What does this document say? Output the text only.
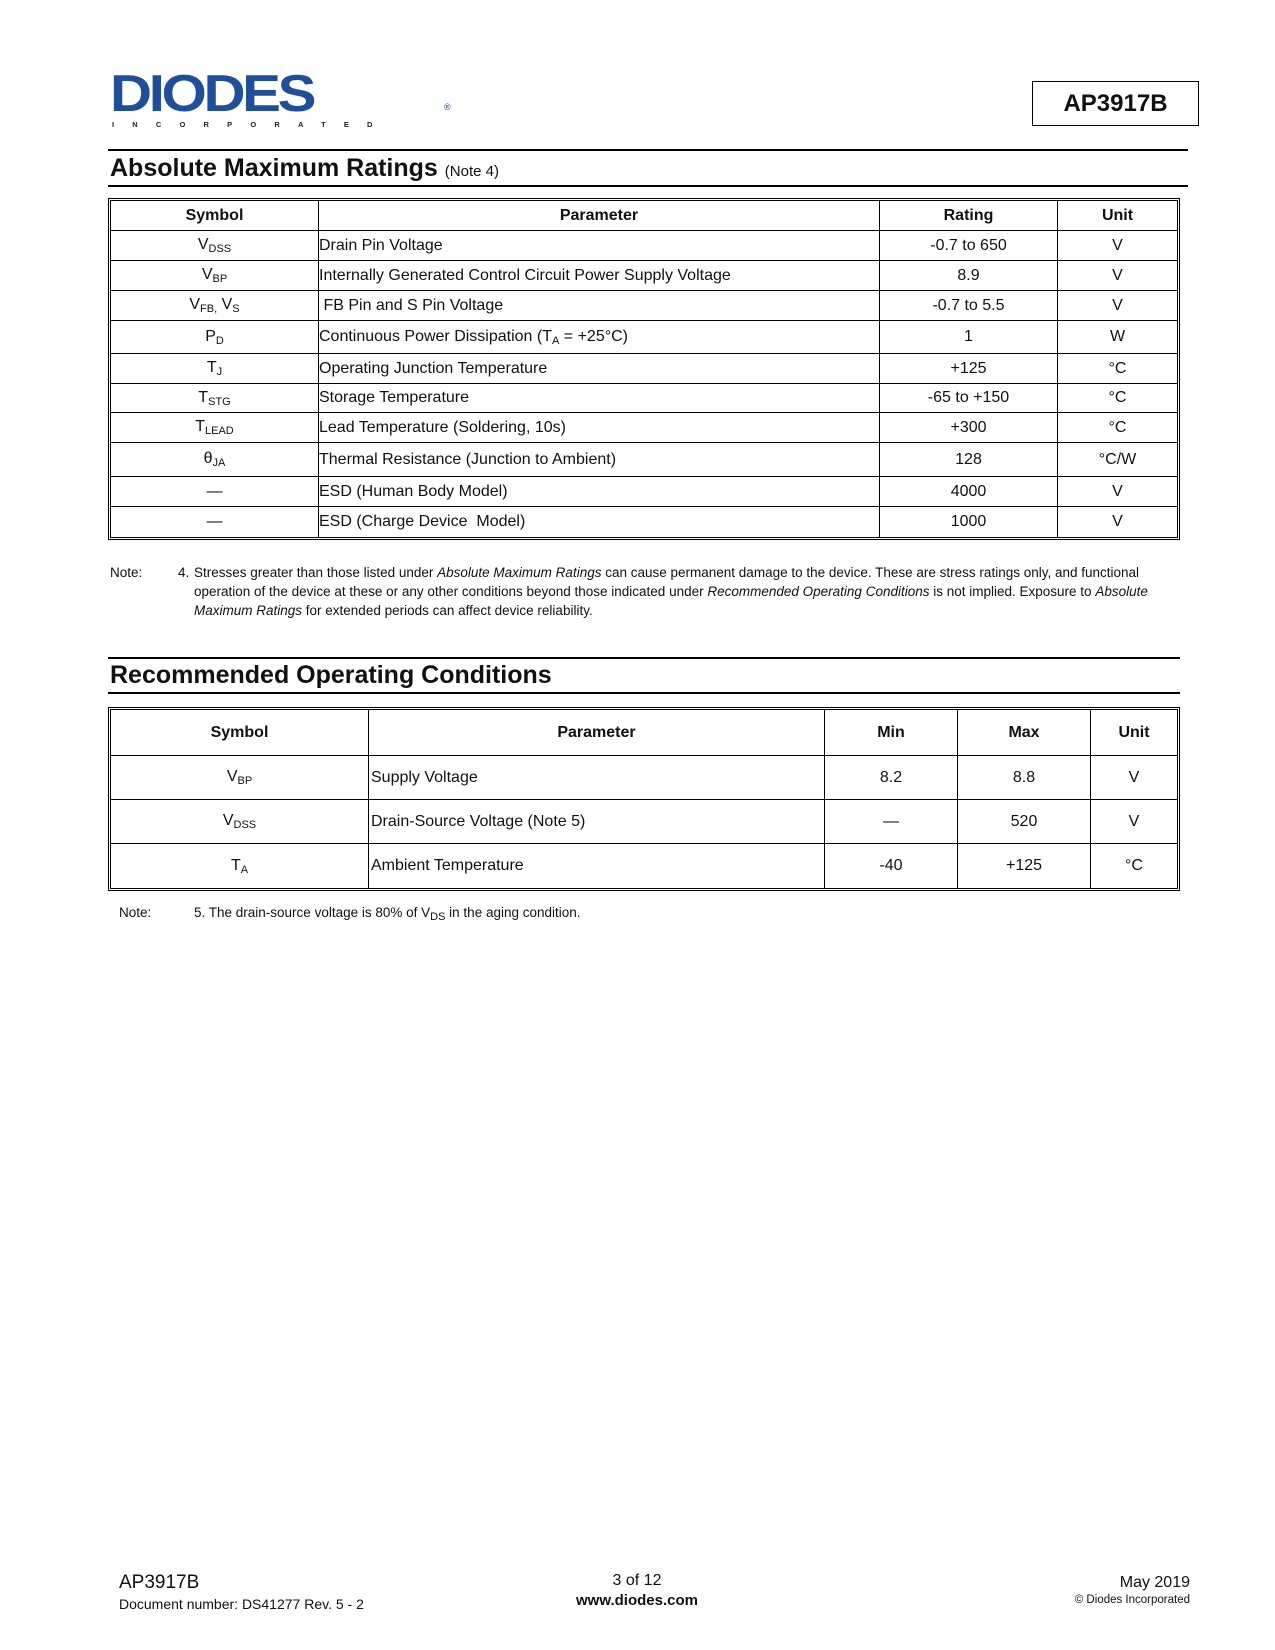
DIODES	®
INCORPORATED
AP3917B
Absolute Maximum Ratings (Note 4)
Symbol	Parameter	Rating	Unit
$V_{DSS}$	Drain Pin Voltage	-0.7 to 650	V
$V_{BP}$	Internally Generated Control Circuit Power Supply Voltage	8.9	V
$V_{FB,}$ $V_S$	FB Pin and S Pin Voltage	-0.7 to 5.5	V
$P_D$	Continuous Power Dissipation $(T_A = +25^\circ C)$	1	W
$T_J$	Operating Junction Temperature	+125	°C
$T_{STG}$	Storage Temperature	-65 to +150	°C
$T_{LEAD}$	Lead Temperature (Soldering, 10s)	+300	°C
$\theta_{JA}$	Thermal Resistance (Junction to Ambient)	128	°C/W
—	ESD (Human Body Model)	4000	V
—	ESD (Charge Device  Model)	1000	V
Note:	4. Stresses greater than those listed under Absolute Maximum Ratings can cause permanent damage to the device. These are stress ratings only, and functional operation of the device at these or any other conditions beyond those indicated under Recommended Operating Conditions is not implied. Exposure to Absolute Maximum Ratings for extended periods can affect device reliability.
Recommended Operating Conditions
Symbol	Parameter	Min	Max	Unit
$V_{BP}$	Supply Voltage	8.2	8.8	V
$V_{DSS}$	Drain-Source Voltage (Note 5)	—	520	V
$T_A$	Ambient Temperature	-40	+125	°C
Note:	5. The drain-source voltage is 80% of $V_{DS}$ in the aging condition.
AP3917B
Document number: DS41277 Rev. 5 - 2
3 of 12
www.diodes.com
May 2019
© Diodes Incorporated
